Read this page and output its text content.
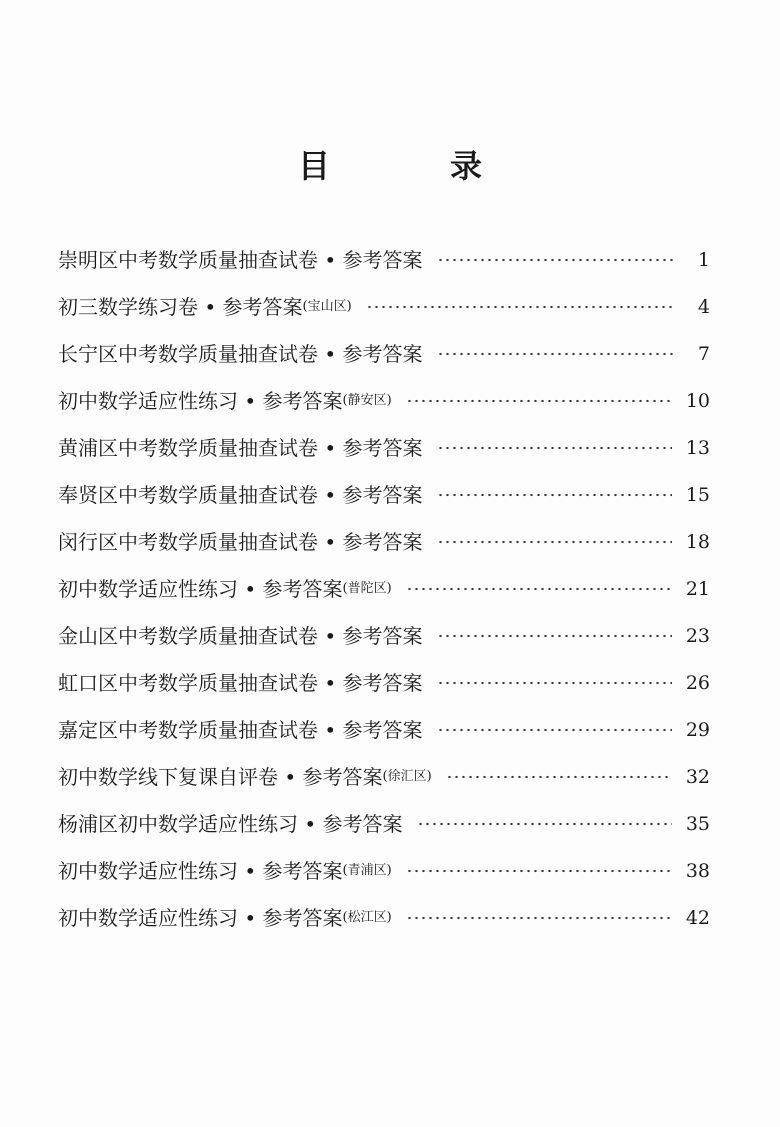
目　录
崇明区中考数学质量抽查试卷 • 参考答案	1
初三数学练习卷 • 参考答案 (宝山区)	4
长宁区中考数学质量抽查试卷 • 参考答案	7
初中数学适应性练习 • 参考答案 (静安区)	10
黄浦区中考数学质量抽查试卷 • 参考答案	13
奉贤区中考数学质量抽查试卷 • 参考答案	15
闵行区中考数学质量抽查试卷 • 参考答案	18
初中数学适应性练习 • 参考答案 (普陀区)	21
金山区中考数学质量抽查试卷 • 参考答案	23
虹口区中考数学质量抽查试卷 • 参考答案	26
嘉定区中考数学质量抽查试卷 • 参考答案	29
初中数学线下复课自评卷 • 参考答案 (徐汇区)	32
杨浦区初中数学适应性练习 • 参考答案	35
初中数学适应性练习 • 参考答案 (青浦区)	38
初中数学适应性练习 • 参考答案 (松江区)	42
